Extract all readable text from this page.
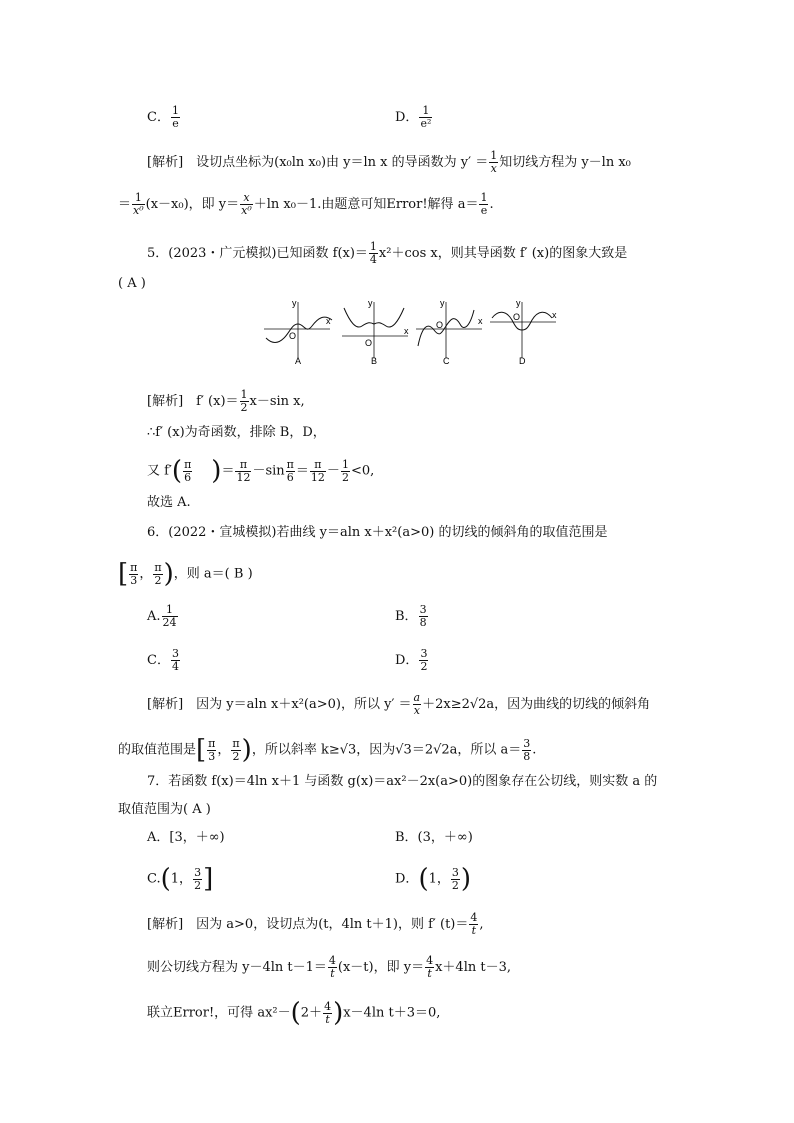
C． $\frac{1}{e}$	D． $\frac{1}{\text{e²}}$
[解析]　设切点坐标为(x₀ln x₀)由 y＝ln x 的导函数为 $y' = \frac{1}{x}$ 知切线方程为 y－ln x₀
＝ $\frac{1}{\text{x⁰}} (x-x_0)$，即 $y= \frac{x}{\text{x⁰}} +\ln$ x₀－1.由题意可知Error!解得 $a= \frac{1}{e}$ .
5．(2023・广元模拟)已知函数 $f(x)= \frac{1}{4} x^2+\cos$ x，则其导函数 f′ (x)的图象大致是
( A )
y
x
O
A
y
x
O
B
y
x
O
C
y
x
O
D
[解析]　f′ $(x)= \frac{1}{2} x-\sin$ x,
∴f′ (x)为奇函数，排除 B，D，
又 $f'( \frac{\pi}{6}$ )＝ $\frac{\pi}{12} -\sin \frac{\pi}{6} = \frac{\pi}{12} - \frac{1}{2} <0$,
故选 A.
6．(2022・宣城模拟)若曲线 y＝aln x＋x²(a>0) 的切线的倾斜角的取值范围是
[ $\frac{\pi}{3}$ ， $\frac{\pi}{2}$ )，则 a＝( B )
A. $\frac{1}{24}$	B． $\frac{3}{8}$
C． $\frac{3}{4}$	D． $\frac{3}{2}$
[解析]　因为 y＝aln x＋x²(a>0)，所以 $y' = \frac{a}{x} +2x\ge 2√2a$，因为曲线的切线的倾斜角
的取值范围是[ $\frac{\pi}{3}$ ， $\frac{\pi}{2}$ )，所以斜率 k≥√3，因为√3＝2√2a，所以 $a= \frac{3}{8}$ .
7．若函数 f(x)＝4ln x＋1 与函数 g(x)＝ax²－2x(a>0)的图象存在公切线，则实数 a 的
取值范围为( A )
A．[3，＋∞)	B．(3，＋∞)
C.(1， $\frac{3}{2}$ ]	D．(1， $\frac{3}{2}$ )
[解析]　因为 a>0，设切点为(t，4ln t＋1)，则 f′ $(t)= \frac{4}{t}$ ,
则公切线方程为 y－4ln $t-1= \frac{4}{t} (x-t)$，即 $y= \frac{4}{t} x+4\ln$ t－3,
联立Error!，可得 $ax^2-(2+ \frac{4}{t} )x-4\ln$ t＋3＝0,
